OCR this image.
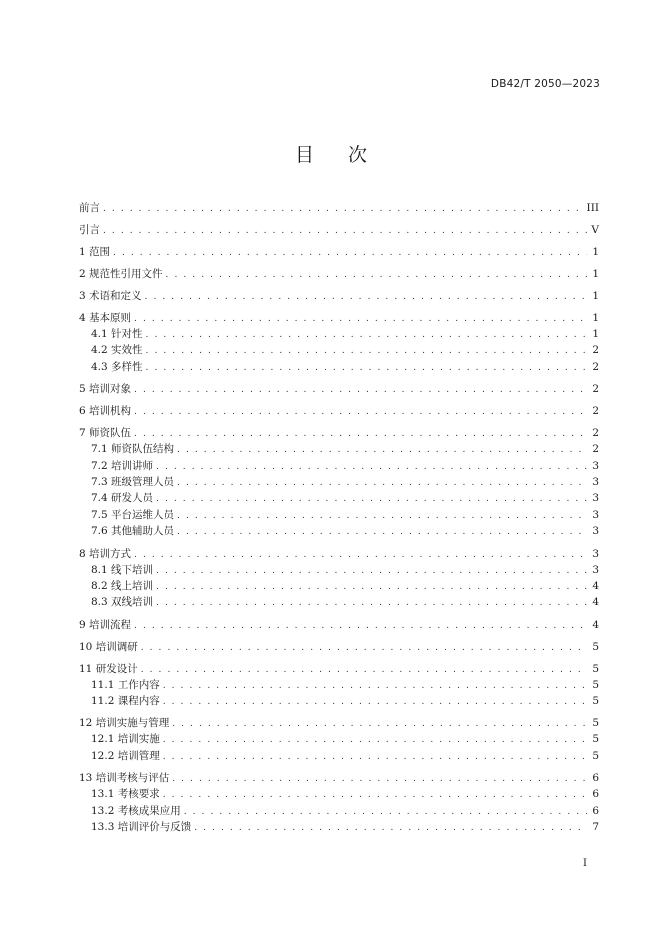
DB42/T 2050—2023
目 次
前言 . . .	III
引言 . . .	V
1 范围 . . .	1
2 规范性引用文件 . . .	1
3 术语和定义 . . .	1
4 基本原则 . . .	1
4.1 针对性 . . .	1
4.2 实效性 . . .	2
4.3 多样性 . . .	2
5 培训对象 . . .	2
6 培训机构 . . .	2
7 师资队伍 . . .	2
7.1 师资队伍结构 . . .	2
7.2 培训讲师 . . .	3
7.3 班级管理人员 . . .	3
7.4 研发人员 . . .	3
7.5 平台运维人员 . . .	3
7.6 其他辅助人员 . . .	3
8 培训方式 . . .	3
8.1 线下培训 . . .	3
8.2 线上培训 . . .	4
8.3 双线培训 . . .	4
9 培训流程 . . .	4
10 培训调研 . . .	5
11 研发设计 . . .	5
11.1 工作内容 . . .	5
11.2 课程内容 . . .	5
12 培训实施与管理 . . .	5
12.1 培训实施 . . .	5
12.2 培训管理 . . .	5
13 培训考核与评估 . . .	6
13.1 考核要求 . . .	6
13.2 考核成果应用 . . .	6
13.3 培训评价与反馈 . . .	7
I
